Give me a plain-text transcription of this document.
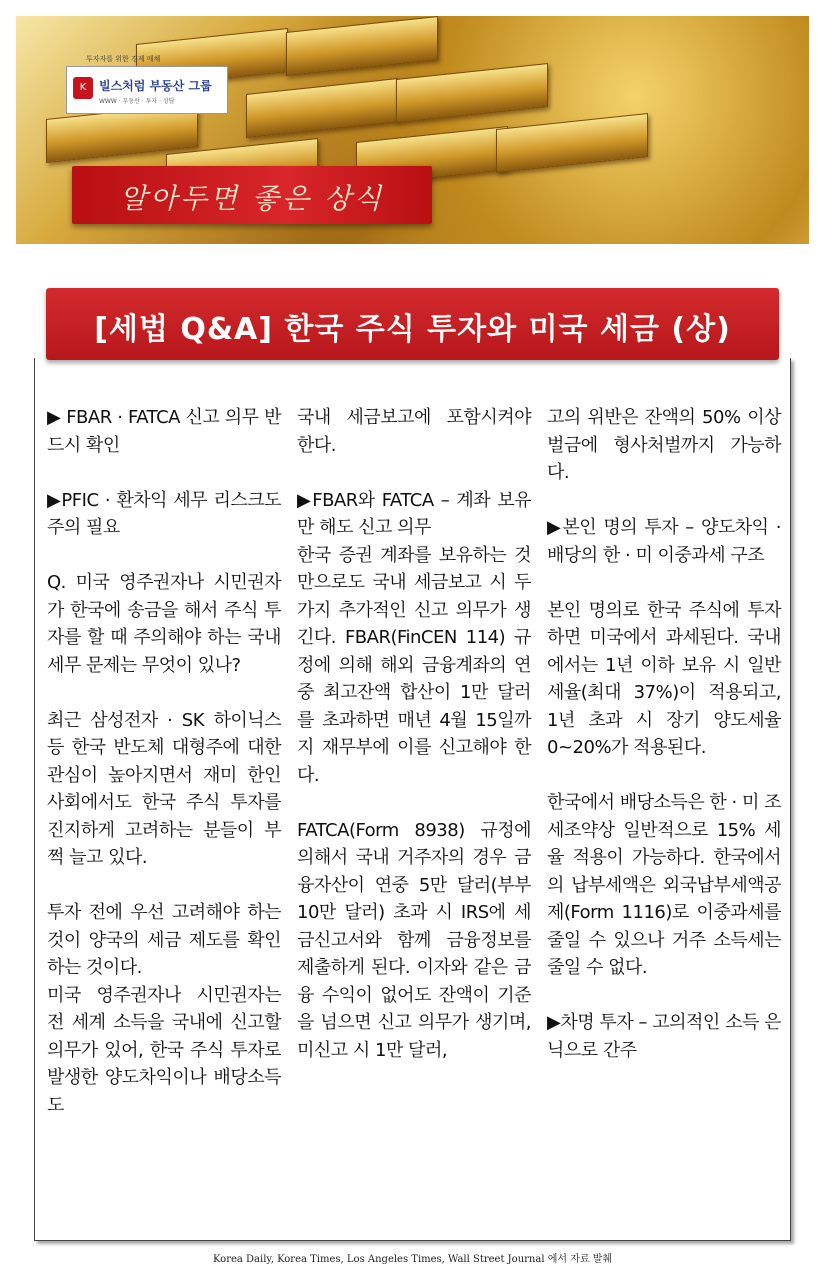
투자자를 위한 경제 매체
K	빌스처럼 부동산 그룹
WWW · 부동산 · 투자 · 상담
알아두면 좋은 상식
[세법 Q&A] 한국 주식 투자와 미국 세금 (상)

▶ FBAR · FATCA 신고 의무 반드시 확인

▶PFIC · 환차익 세무 리스크도 주의 필요

Q. 미국 영주권자나 시민권자가 한국에 송금을 해서 주식 투자를 할 때 주의해야 하는 국내 세무 문제는 무엇이 있나?

최근 삼성전자 · SK 하이닉스 등 한국 반도체 대형주에 대한 관심이 높아지면서 재미 한인 사회에서도 한국 주식 투자를 진지하게 고려하는 분들이 부쩍 늘고 있다.

투자 전에 우선 고려해야 하는 것이 양국의 세금 제도를 확인하는 것이다.

미국 영주권자나 시민권자는 전 세계 소득을 국내에 신고할 의무가 있어, 한국 주식 투자로 발생한 양도차익이나 배당소득도

국내 세금보고에 포함시켜야 한다.

▶FBAR와 FATCA – 계좌 보유만 해도 신고 의무

한국 증권 계좌를 보유하는 것만으로도 국내 세금보고 시 두 가지 추가적인 신고 의무가 생긴다. FBAR(FinCEN 114) 규정에 의해 해외 금융계좌의 연중 최고잔액 합산이 1만 달러를 초과하면 매년 4월 15일까지 재무부에 이를 신고해야 한다.

FATCA(Form 8938) 규정에 의해서 국내 거주자의 경우 금융자산이 연중 5만 달러(부부 10만 달러) 초과 시 IRS에 세금신고서와 함께 금융정보를 제출하게 된다. 이자와 같은 금융 수익이 없어도 잔액이 기준을 넘으면 신고 의무가 생기며, 미신고 시 1만 달러,

고의 위반은 잔액의 50% 이상 벌금에 형사처벌까지 가능하다.

▶본인 명의 투자 – 양도차익 · 배당의 한 · 미 이중과세 구조

본인 명의로 한국 주식에 투자하면 미국에서 과세된다. 국내에서는 1년 이하 보유 시 일반세율(최대 37%)이 적용되고, 1년 초과 시 장기 양도세율 0~20%가 적용된다.

한국에서 배당소득은 한 · 미 조세조약상 일반적으로 15% 세율 적용이 가능하다. 한국에서의 납부세액은 외국납부세액공제(Form 1116)로 이중과세를 줄일 수 있으나 거주 소득세는 줄일 수 없다.

▶차명 투자 – 고의적인 소득 은닉으로 간주

Korea Daily, Korea Times, Los Angeles Times, Wall Street Journal 에서 자료 발췌
